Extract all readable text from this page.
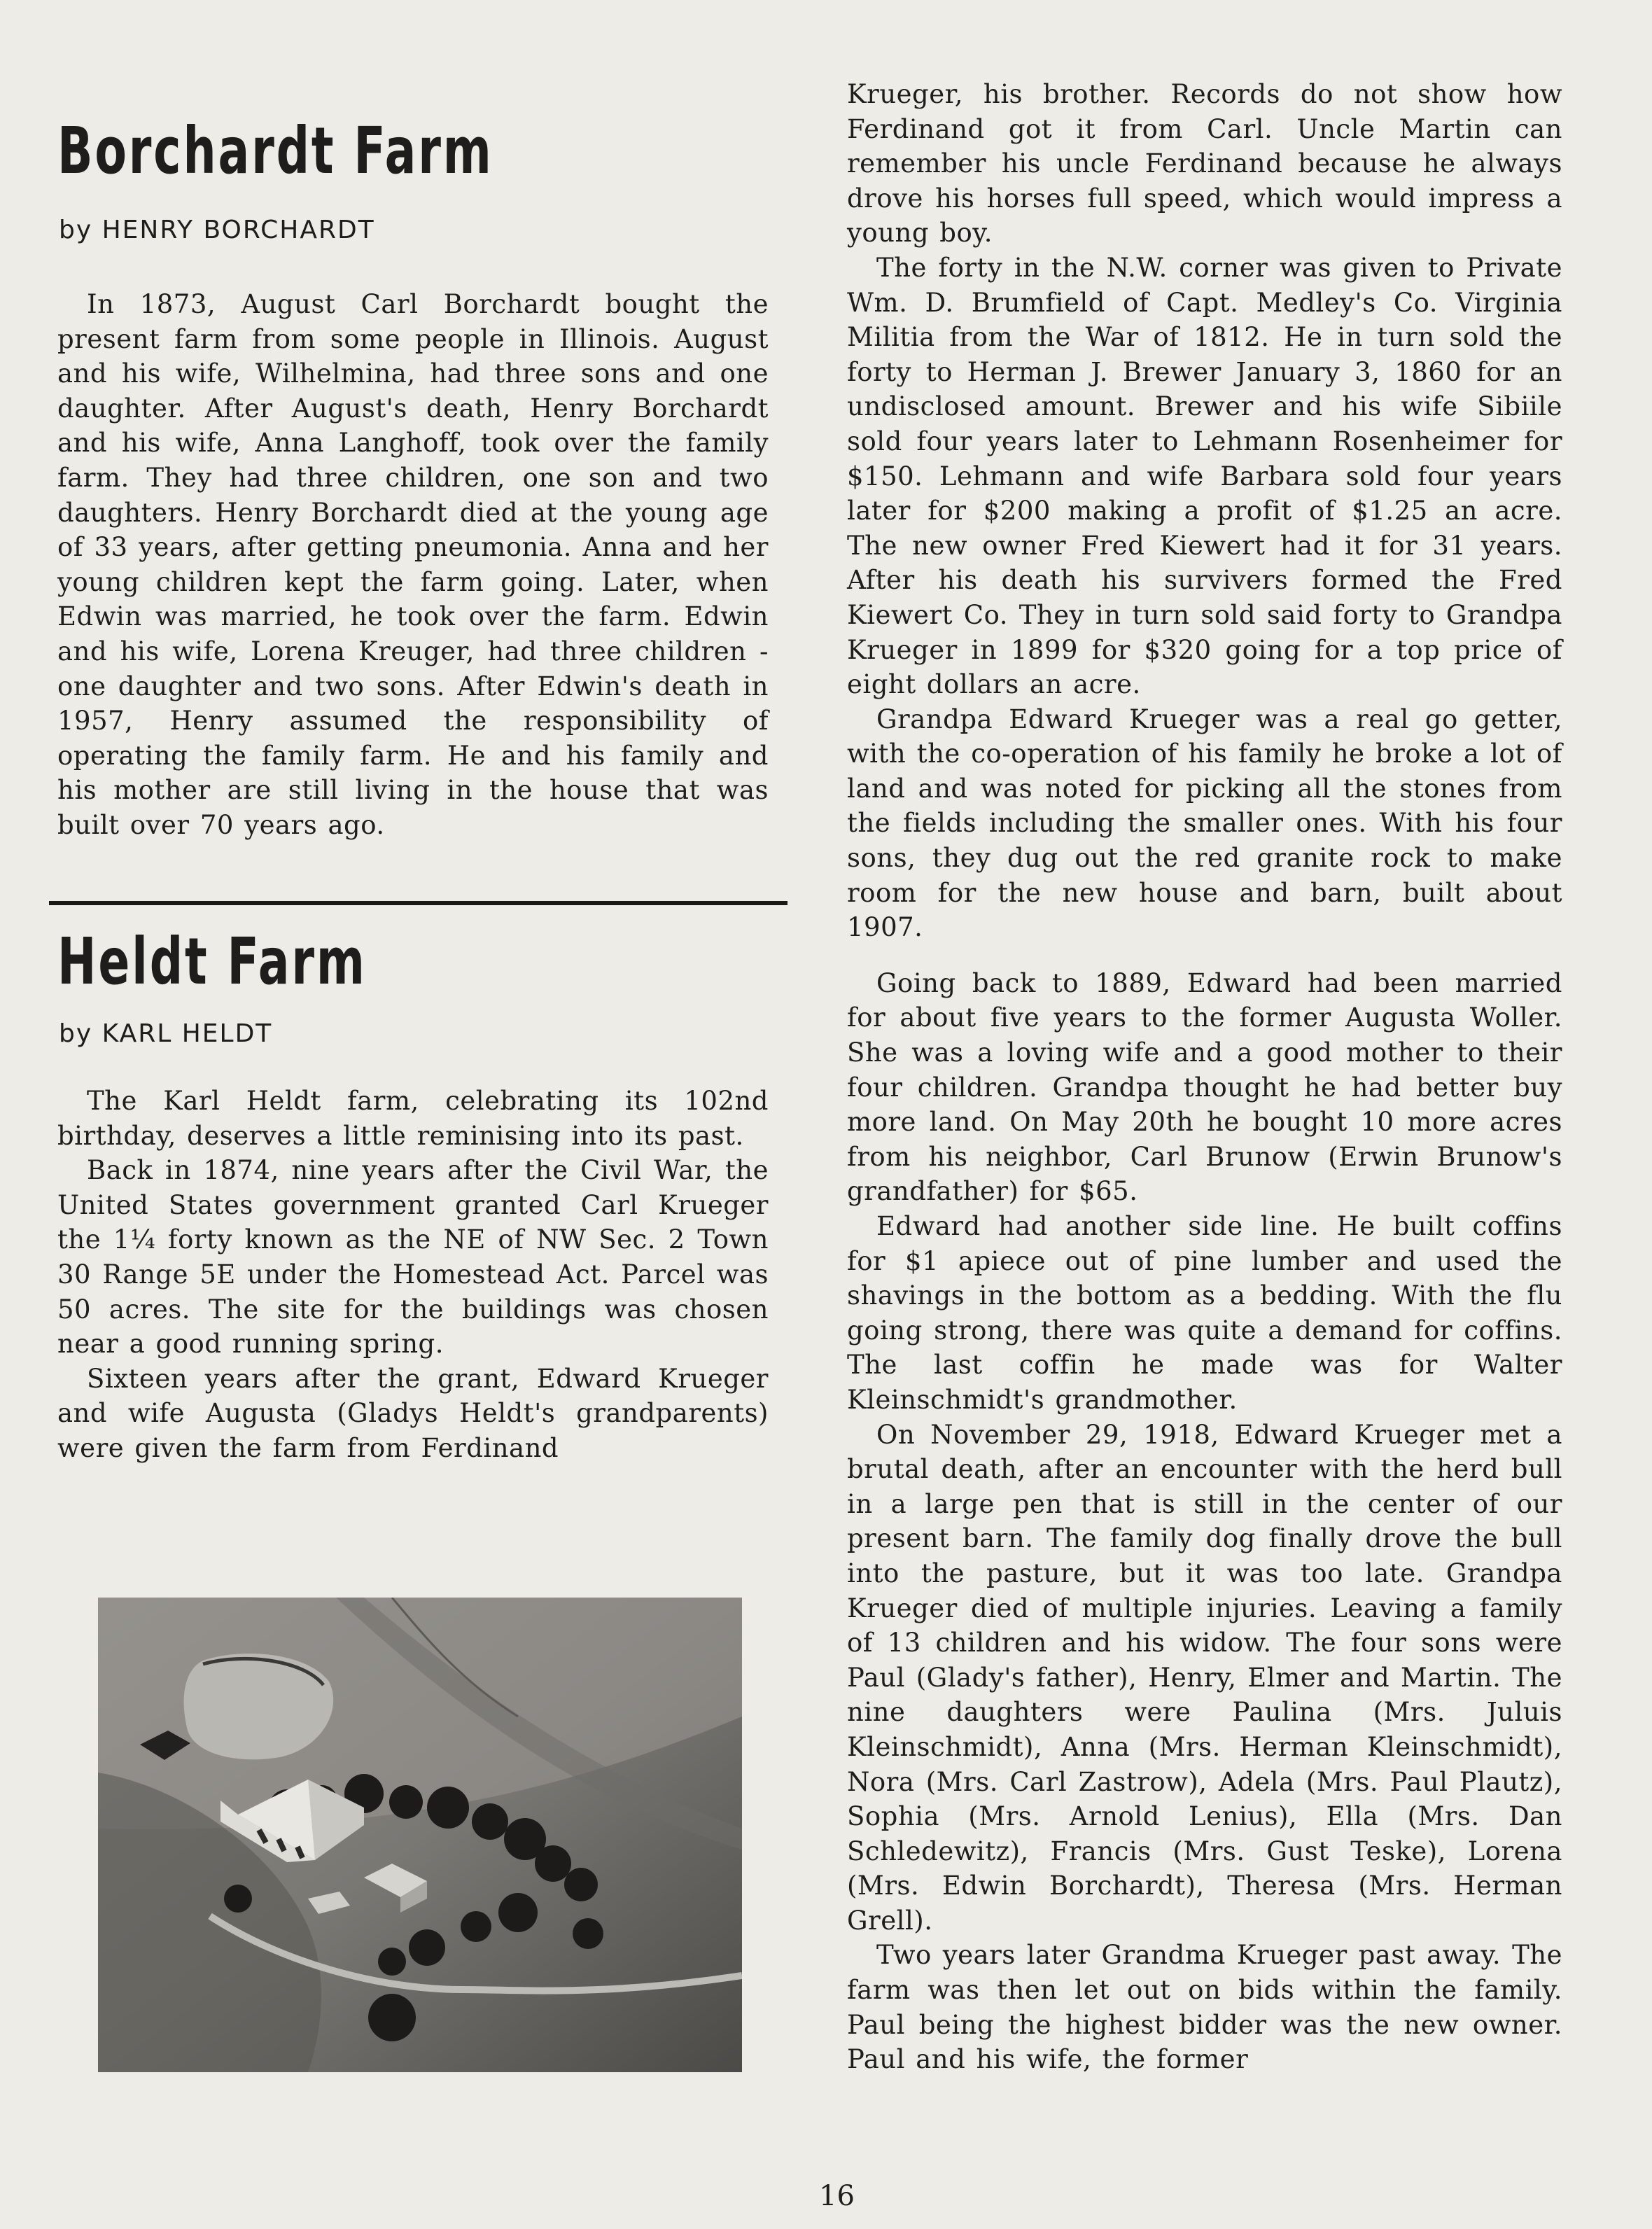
Borchardt Farm

by HENRY BORCHARDT

In 1873, August Carl Borchardt bought the present farm from some people in Illinois. August and his wife, Wilhelmina, had three sons and one daughter. After August's death, Henry Borchardt and his wife, Anna Langhoff, took over the family farm. They had three children, one son and two daughters. Henry Borchardt died at the young age of 33 years, after getting pneumonia. Anna and her young children kept the farm going. Later, when Edwin was married, he took over the farm. Edwin and his wife, Lorena Kreuger, had three children - one daughter and two sons. After Edwin's death in 1957, Henry assumed the responsibility of operating the family farm. He and his family and his mother are still living in the house that was built over 70 years ago.

Heldt Farm

by KARL HELDT

The Karl Heldt farm, celebrating its 102nd birthday, deserves a little reminising into its past.

Back in 1874, nine years after the Civil War, the United States government granted Carl Krueger the 1¼ forty known as the NE of NW Sec. 2 Town 30 Range 5E under the Homestead Act. Parcel was 50 acres. The site for the buildings was chosen near a good running spring.

Sixteen years after the grant, Edward Krueger and wife Augusta (Gladys Heldt's grandparents) were given the farm from Ferdinand

Krueger, his brother. Records do not show how Ferdinand got it from Carl. Uncle Martin can remember his uncle Ferdinand because he always drove his horses full speed, which would impress a young boy.

The forty in the N.W. corner was given to Private Wm. D. Brumfield of Capt. Medley's Co. Virginia Militia from the War of 1812. He in turn sold the forty to Herman J. Brewer January 3, 1860 for an undisclosed amount. Brewer and his wife Sibiile sold four years later to Lehmann Rosenheimer for $150. Lehmann and wife Barbara sold four years later for $200 making a profit of $1.25 an acre. The new owner Fred Kiewert had it for 31 years. After his death his survivers formed the Fred Kiewert Co. They in turn sold said forty to Grandpa Krueger in 1899 for $320 going for a top price of eight dollars an acre.

Grandpa Edward Krueger was a real go getter, with the co-operation of his family he broke a lot of land and was noted for picking all the stones from the fields including the smaller ones. With his four sons, they dug out the red granite rock to make room for the new house and barn, built about 1907.

Going back to 1889, Edward had been married for about five years to the former Augusta Woller. She was a loving wife and a good mother to their four children. Grandpa thought he had better buy more land. On May 20th he bought 10 more acres from his neighbor, Carl Brunow (Erwin Brunow's grandfather) for $65.

Edward had another side line. He built coffins for $1 apiece out of pine lumber and used the shavings in the bottom as a bedding. With the flu going strong, there was quite a demand for coffins. The last coffin he made was for Walter Kleinschmidt's grandmother.

On November 29, 1918, Edward Krueger met a brutal death, after an encounter with the herd bull in a large pen that is still in the center of our present barn. The family dog finally drove the bull into the pasture, but it was too late. Grandpa Krueger died of multiple injuries. Leaving a family of 13 children and his widow. The four sons were Paul (Glady's father), Henry, Elmer and Martin. The nine daughters were Paulina (Mrs. Juluis Kleinschmidt), Anna (Mrs. Herman Kleinschmidt), Nora (Mrs. Carl Zastrow), Adela (Mrs. Paul Plautz), Sophia (Mrs. Arnold Lenius), Ella (Mrs. Dan Schledewitz), Francis (Mrs. Gust Teske), Lorena (Mrs. Edwin Borchardt), Theresa (Mrs. Herman Grell).

Two years later Grandma Krueger past away. The farm was then let out on bids within the family. Paul being the highest bidder was the new owner. Paul and his wife, the former

16
